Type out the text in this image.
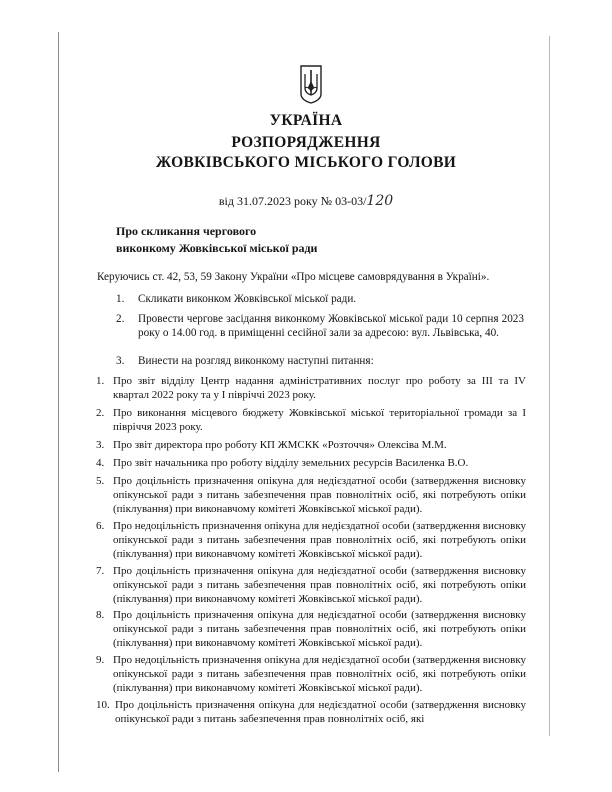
УКРАЇНА
РОЗПОРЯДЖЕННЯ
ЖОВКІВСЬКОГО МІСЬКОГО ГОЛОВИ
від 31.07.2023 року № 03-03/120
Про скликання чергового
виконкому Жовківської міської ради
Керуючись ст. 42, 53, 59 Закону України «Про місцеве самоврядування в Україні».
1. Скликати виконком Жовківської міської ради.
2. Провести чергове засідання виконкому Жовківської міської ради 10 серпня 2023 року о 14.00 год. в приміщенні сесійної зали за адресою: вул. Львівська, 40.
3. Винести на розгляд виконкому наступні питання:
1. Про звіт відділу Центр надання адміністративних послуг про роботу за III та IV квартал 2022 року та у І півріччі 2023 року.
2. Про виконання місцевого бюджету Жовківської міської територіальної громади за І півріччя 2023 року.
3. Про звіт директора про роботу КП ЖМСКК «Розточчя» Олексіва М.М.
4. Про звіт начальника про роботу відділу земельних ресурсів Василенка В.О.
5. Про доцільність призначення опікуна для недієздатної особи (затвердження висновку опікунської ради з питань забезпечення прав повнолітніх осіб, які потребують опіки (піклування) при виконавчому комітеті Жовківської міської ради).
6. Про недоцільність призначення опікуна для недієздатної особи (затвердження висновку опікунської ради з питань забезпечення прав повнолітніх осіб, які потребують опіки (піклування) при виконавчому комітеті Жовківської міської ради).
7. Про доцільність призначення опікуна для недієздатної особи (затвердження висновку опікунської ради з питань забезпечення прав повнолітніх осіб, які потребують опіки (піклування) при виконавчому комітеті Жовківської міської ради).
8. Про доцільність призначення опікуна для недієздатної особи (затвердження висновку опікунської ради з питань забезпечення прав повнолітніх осіб, які потребують опіки (піклування) при виконавчому комітеті Жовківської міської ради).
9. Про недоцільність призначення опікуна для недієздатної особи (затвердження висновку опікунської ради з питань забезпечення прав повнолітніх осіб, які потребують опіки (піклування) при виконавчому комітеті Жовківської міської ради).
10. Про доцільність призначення опікуна для недієздатної особи (затвердження висновку опікунської ради з питань забезпечення прав повнолітніх осіб, які
